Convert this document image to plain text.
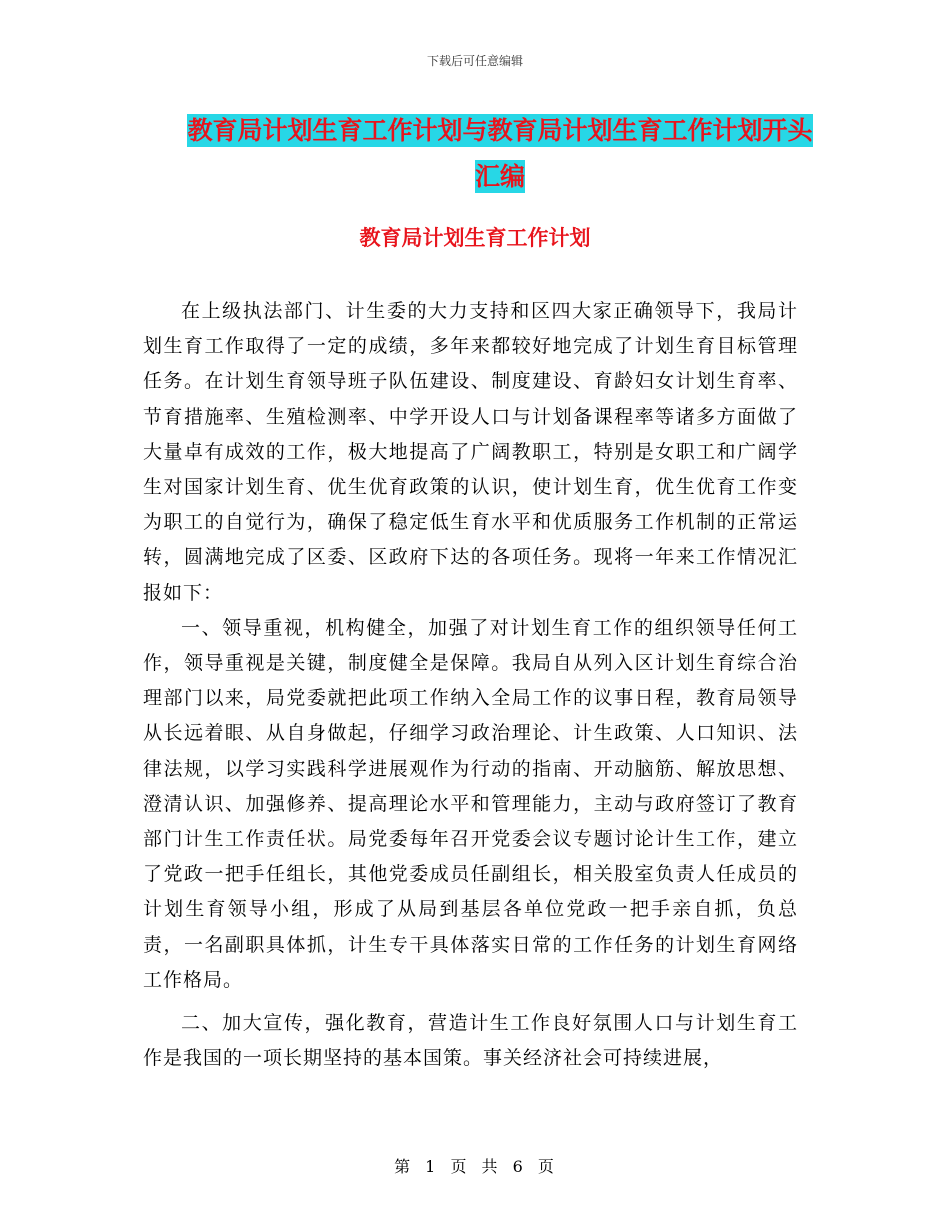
下载后可任意编辑
教育局计划生育工作计划与教育局计划生育工作计划开头汇编
教育局计划生育工作计划

在上级执法部门、计生委的大力支持和区四大家正确领导下，我局计划生育工作取得了一定的成绩，多年来都较好地完成了计划生育目标管理任务。在计划生育领导班子队伍建设、制度建设、育龄妇女计划生育率、节育措施率、生殖检测率、中学开设人口与计划备课程率等诸多方面做了大量卓有成效的工作，极大地提高了广阔教职工，特别是女职工和广阔学生对国家计划生育、优生优育政策的认识，使计划生育，优生优育工作变为职工的自觉行为，确保了稳定低生育水平和优质服务工作机制的正常运转，圆满地完成了区委、区政府下达的各项任务。现将一年来工作情况汇报如下：

一、领导重视，机构健全，加强了对计划生育工作的组织领导任何工作，领导重视是关键，制度健全是保障。我局自从列入区计划生育综合治理部门以来，局党委就把此项工作纳入全局工作的议事日程，教育局领导从长远着眼、从自身做起，仔细学习政治理论、计生政策、人口知识、法律法规，以学习实践科学进展观作为行动的指南、开动脑筋、解放思想、澄清认识、加强修养、提高理论水平和管理能力，主动与政府签订了教育部门计生工作责任状。局党委每年召开党委会议专题讨论计生工作，建立了党政一把手任组长，其他党委成员任副组长，相关股室负责人任成员的计划生育领导小组，形成了从局到基层各单位党政一把手亲自抓，负总责，一名副职具体抓，计生专干具体落实日常的工作任务的计划生育网络工作格局。

二、加大宣传，强化教育，营造计生工作良好氛围人口与计划生育工作是我国的一项长期坚持的基本国策。事关经济社会可持续进展，

第 1 页 共 6 页
